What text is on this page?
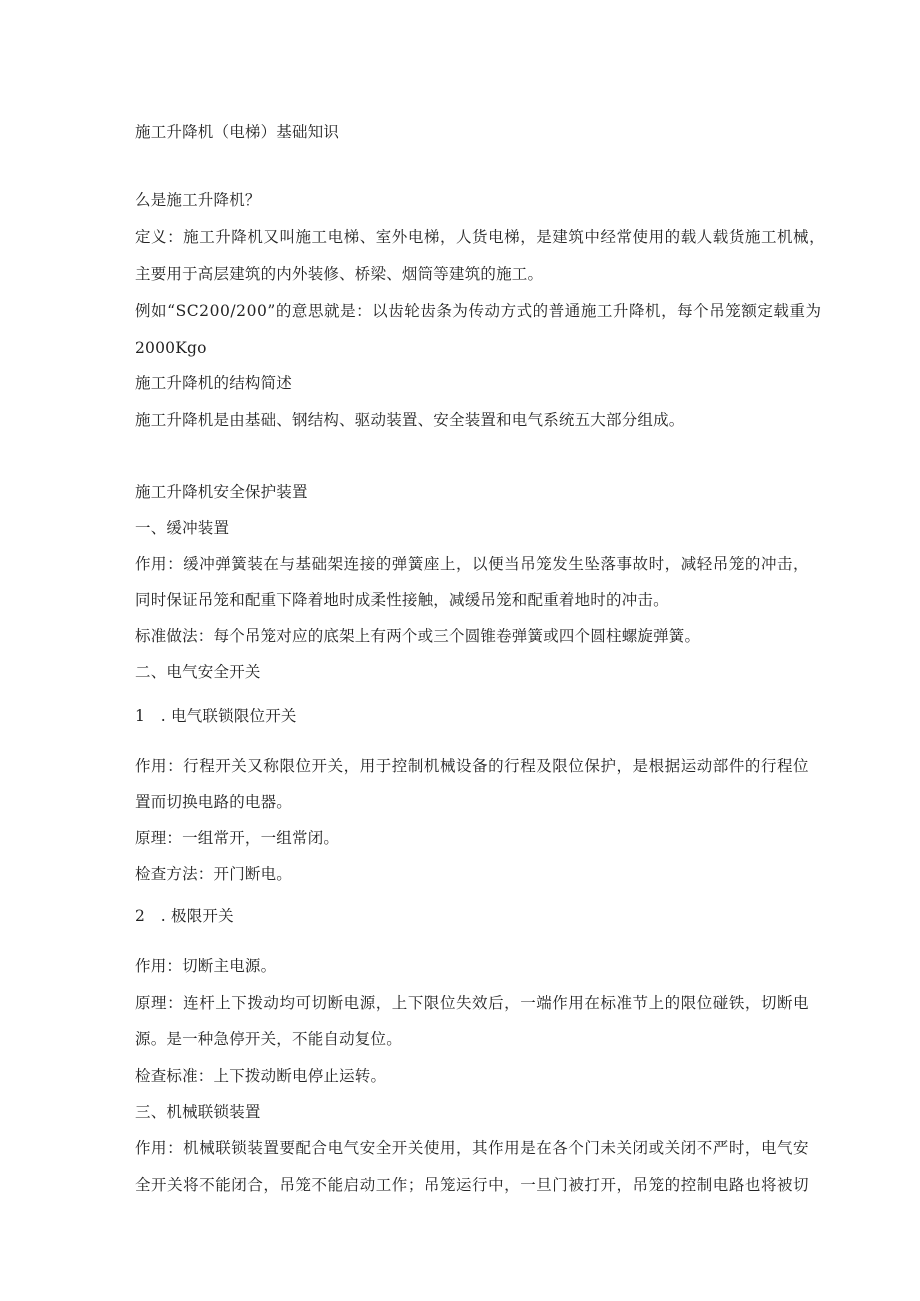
施工升降机（电梯）基础知识
么是施工升降机？
定义：施工升降机又叫施工电梯、室外电梯，人货电梯，是建筑中经常使用的载人载货施工机械，
主要用于高层建筑的内外装修、桥梁、烟筒等建筑的施工。
例如“SC200/200”的意思就是：以齿轮齿条为传动方式的普通施工升降机，每个吊笼额定载重为
2000Kgo
施工升降机的结构简述
施工升降机是由基础、钢结构、驱动装置、安全装置和电气系统五大部分组成。
施工升降机安全保护装置
一、缓冲装置
作用：缓冲弹簧装在与基础架连接的弹簧座上，以便当吊笼发生坠落事故时，减轻吊笼的冲击，
同时保证吊笼和配重下降着地时成柔性接触，减缓吊笼和配重着地时的冲击。
标准做法：每个吊笼对应的底架上有两个或三个圆锥卷弹簧或四个圆柱螺旋弹簧。
二、电气安全开关
1　. 电气联锁限位开关
作用：行程开关又称限位开关，用于控制机械设备的行程及限位保护，是根据运动部件的行程位
置而切换电路的电器。
原理：一组常开，一组常闭。
检查方法：开门断电。
2　. 极限开关
作用：切断主电源。
原理：连杆上下拨动均可切断电源，上下限位失效后，一端作用在标准节上的限位碰铁，切断电
源。是一种急停开关，不能自动复位。
检查标准：上下拨动断电停止运转。
三、机械联锁装置
作用：机械联锁装置要配合电气安全开关使用，其作用是在各个门未关闭或关闭不严时，电气安
全开关将不能闭合，吊笼不能启动工作；吊笼运行中，一旦门被打开，吊笼的控制电路也将被切
